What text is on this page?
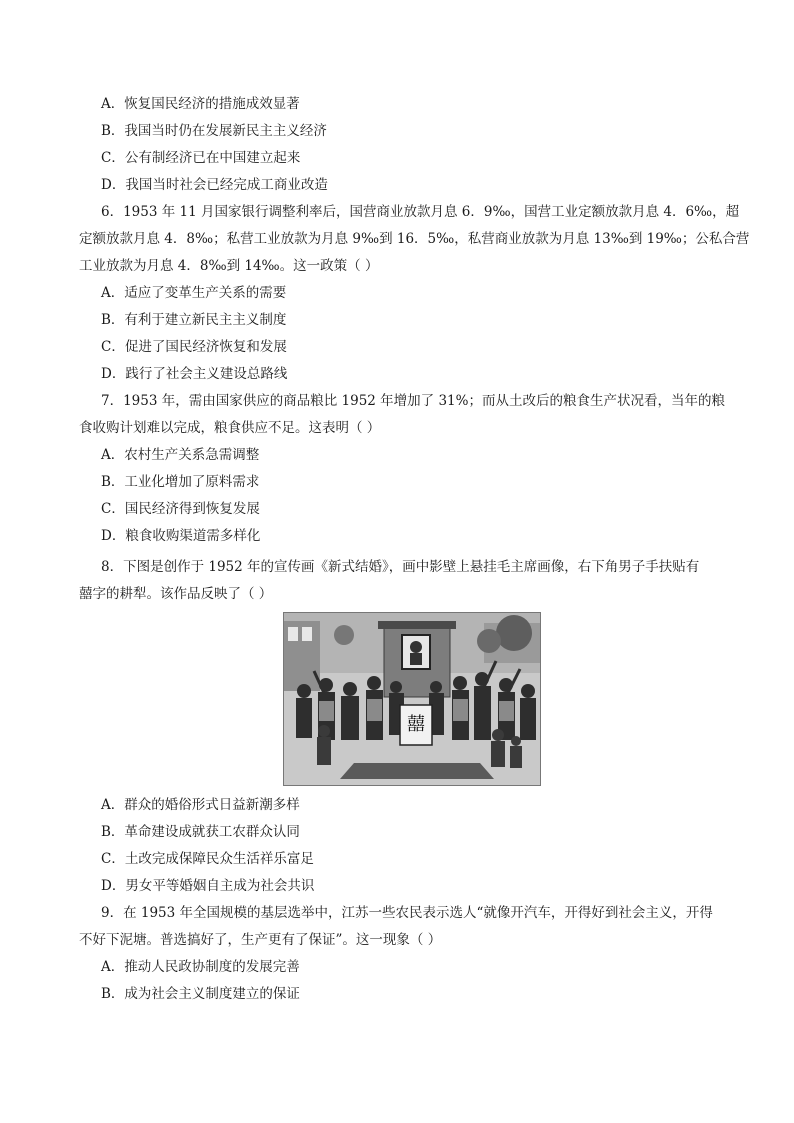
A．恢复国民经济的措施成效显著
B．我国当时仍在发展新民主主义经济
C．公有制经济已在中国建立起来
D．我国当时社会已经完成工商业改造
6．1953 年 11 月国家银行调整利率后，国营商业放款月息 6．9‰，国营工业定额放款月息 4．6‰，超
定额放款月息 4．8‰；私营工业放款为月息 9‰到 16．5‰，私营商业放款为月息 13‰到 19‰；公私合营
工业放款为月息 4．8‰到 14‰。这一政策（ ）
A．适应了变革生产关系的需要
B．有利于建立新民主主义制度
C．促进了国民经济恢复和发展
D．践行了社会主义建设总路线
7．1953 年，需由国家供应的商品粮比 1952 年增加了 31%；而从土改后的粮食生产状况看，当年的粮
食收购计划难以完成，粮食供应不足。这表明（ ）
A．农村生产关系急需调整
B．工业化增加了原料需求
C．国民经济得到恢复发展
D．粮食收购渠道需多样化
8．下图是创作于 1952 年的宣传画《新式结婚》，画中影壁上悬挂毛主席画像，右下角男子手扶贴有
囍字的耕犁。该作品反映了（ ）
囍
A．群众的婚俗形式日益新潮多样
B．革命建设成就获工农群众认同
C．土改完成保障民众生活祥乐富足
D．男女平等婚姻自主成为社会共识
9．在 1953 年全国规模的基层选举中，江苏一些农民表示选人“就像开汽车，开得好到社会主义，开得
不好下泥塘。普选搞好了，生产更有了保证”。这一现象（ ）
A．推动人民政协制度的发展完善
B．成为社会主义制度建立的保证
